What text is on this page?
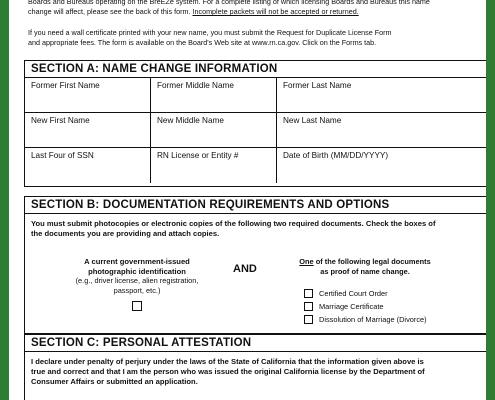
Boards and Bureaus operating on the BreEZe system. For a complete listing of which licensing Boards and Bureaus this name
change will affect, please see the back of this form. Incomplete packets will not be accepted or returned.
If you need a wall certificate printed with your new name, you must submit the Request for Duplicate License Form
and appropriate fees. The form is available on the Board's Web site at www.rn.ca.gov. Click on the Forms tab.
SECTION A: NAME CHANGE INFORMATION
Former First Name	Former Middle Name	Former Last Name
New First Name	New Middle Name	New Last Name
Last Four of SSN	RN License or Entity #	Date of Birth (MM/DD/YYYY)
SECTION B: DOCUMENTATION REQUIREMENTS AND OPTIONS
You must submit photocopies or electronic copies of the following two required documents. Check the boxes of
the documents you are providing and attach copies.
A current government-issued
photographic identification
(e.g., driver license, alien registration,
passport, etc.)
AND
One of the following legal documents
as proof of name change.
Certified Court Order
Marriage Certificate
Dissolution of Marriage (Divorce)
SECTION C: PERSONAL ATTESTATION
I declare under penalty of perjury under the laws of the State of California that the information given above is
true and correct and that I am the person who was issued the original California license by the Department of
Consumer Affairs or submitted an application.
